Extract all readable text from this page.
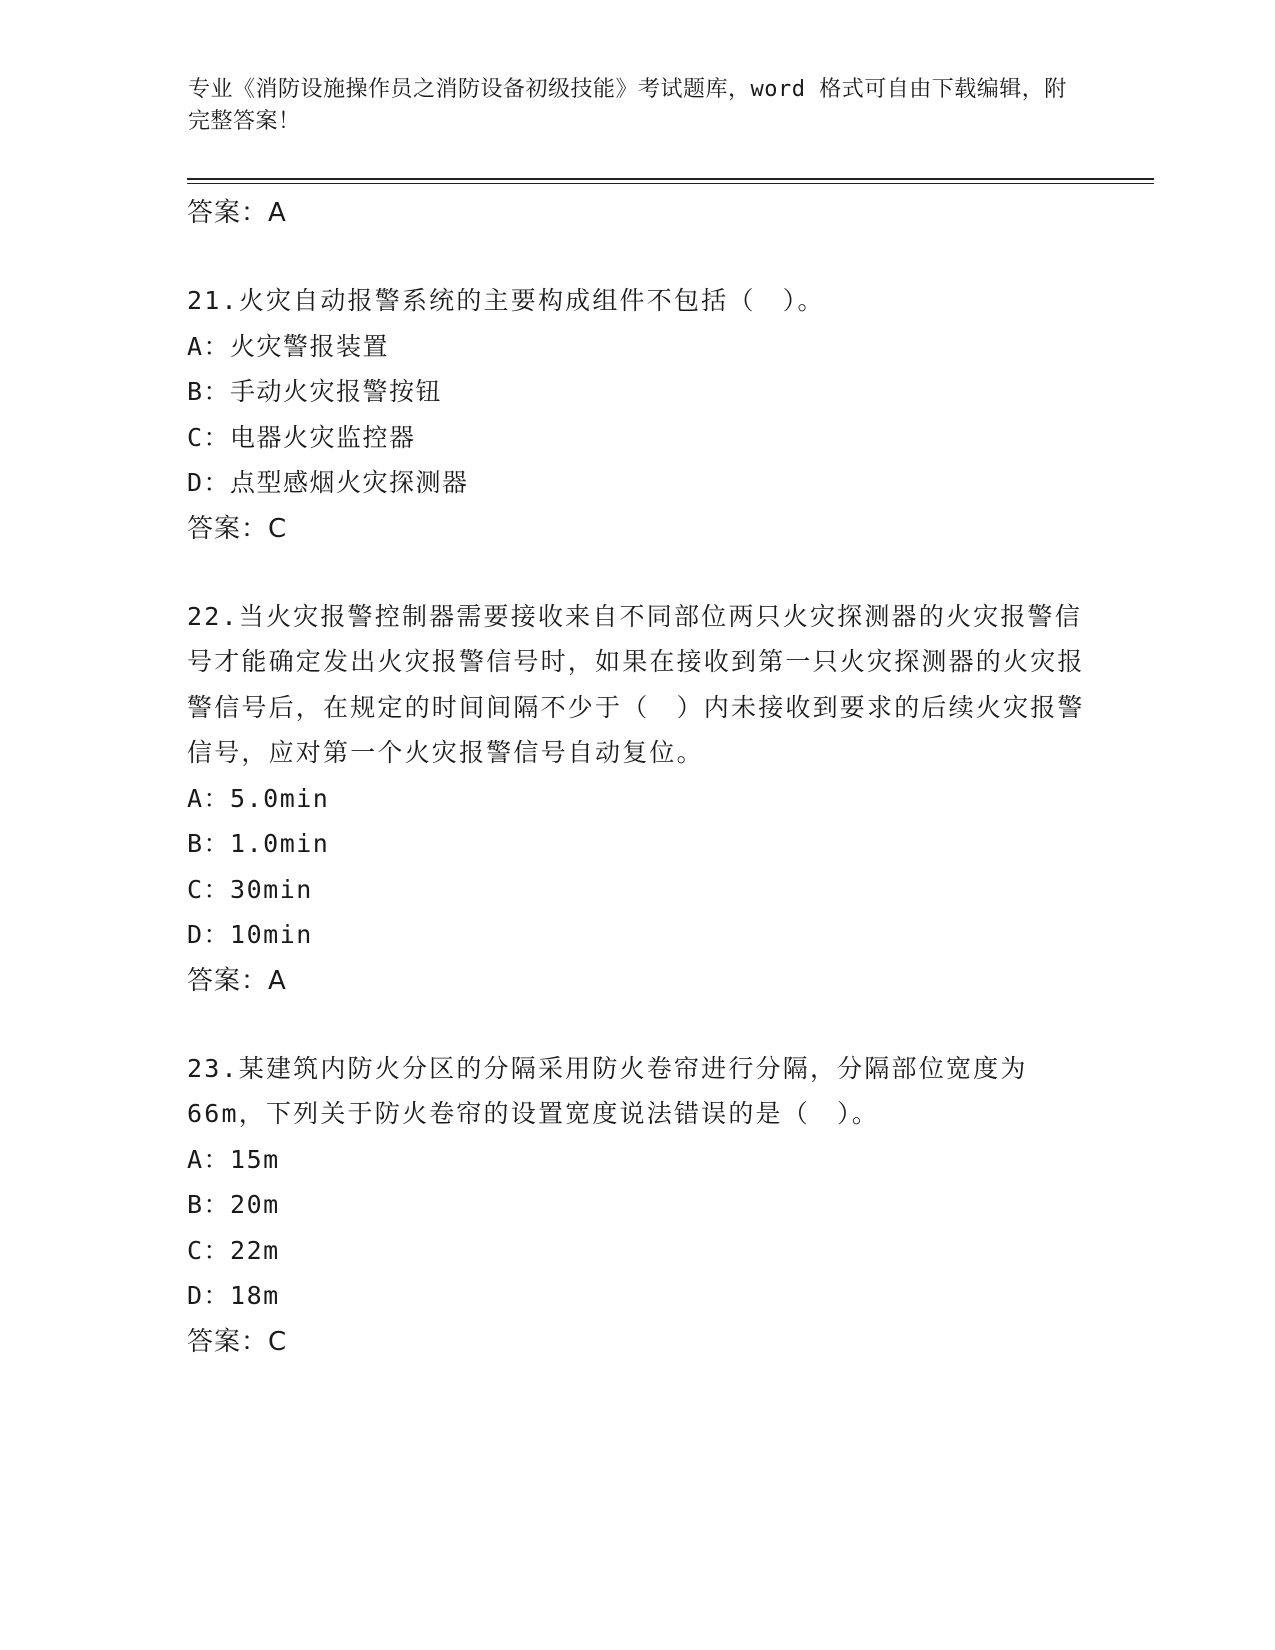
专业《消防设施操作员之消防设备初级技能》考试题库，word 格式可自由下载编辑，附完整答案！
答案：A
21.火灾自动报警系统的主要构成组件不包括（　）。
A：火灾警报装置
B：手动火灾报警按钮
C：电器火灾监控器
D：点型感烟火灾探测器
答案：C
22.当火灾报警控制器需要接收来自不同部位两只火灾探测器的火灾报警信号才能确定发出火灾报警信号时，如果在接收到第一只火灾探测器的火灾报警信号后，在规定的时间间隔不少于（　）内未接收到要求的后续火灾报警信号，应对第一个火灾报警信号自动复位。
A：5.0min
B：1.0min
C：30min
D：10min
答案：A
23.某建筑内防火分区的分隔采用防火卷帘进行分隔，分隔部位宽度为66m，下列关于防火卷帘的设置宽度说法错误的是（　）。
A：15m
B：20m
C：22m
D：18m
答案：C
